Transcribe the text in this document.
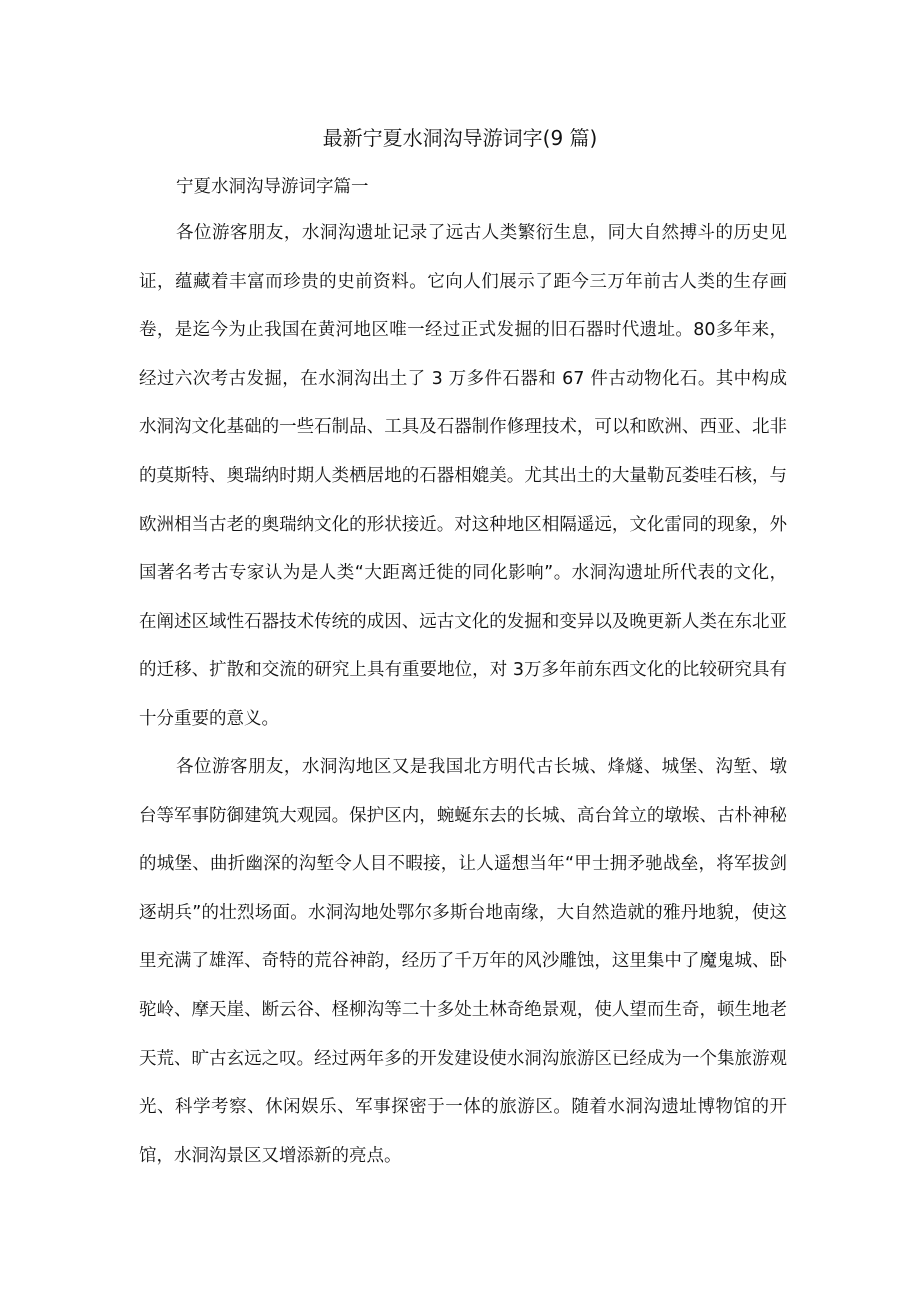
最新宁夏水洞沟导游词字(9 篇)
宁夏水洞沟导游词字篇一

各位游客朋友，水洞沟遗址记录了远古人类繁衍生息，同大自然搏斗的历史见证，蕴藏着丰富而珍贵的史前资料。它向人们展示了距今三万年前古人类的生存画卷，是迄今为止我国在黄河地区唯一经过正式发掘的旧石器时代遗址。80多年来，经过六次考古发掘，在水洞沟出土了 3 万多件石器和 67 件古动物化石。其中构成水洞沟文化基础的一些石制品、工具及石器制作修理技术，可以和欧洲、西亚、北非的莫斯特、奥瑞纳时期人类栖居地的石器相媲美。尤其出土的大量勒瓦娄哇石核，与欧洲相当古老的奥瑞纳文化的形状接近。对这种地区相隔遥远，文化雷同的现象，外国著名考古专家认为是人类“大距离迁徙的同化影响”。水洞沟遗址所代表的文化，在阐述区域性石器技术传统的成因、远古文化的发掘和变异以及晚更新人类在东北亚的迁移、扩散和交流的研究上具有重要地位，对 3万多年前东西文化的比较研究具有十分重要的意义。

各位游客朋友，水洞沟地区又是我国北方明代古长城、烽燧、城堡、沟堑、墩台等军事防御建筑大观园。保护区内，蜿蜒东去的长城、高台耸立的墩堠、古朴神秘的城堡、曲折幽深的沟堑令人目不暇接，让人遥想当年“甲士拥矛驰战垒，将军拔剑逐胡兵”的壮烈场面。水洞沟地处鄂尔多斯台地南缘，大自然造就的雅丹地貌，使这里充满了雄浑、奇特的荒谷神韵，经历了千万年的风沙雕蚀，这里集中了魔鬼城、卧驼岭、摩天崖、断云谷、柽柳沟等二十多处土林奇绝景观，使人望而生奇，顿生地老天荒、旷古玄远之叹。经过两年多的开发建设使水洞沟旅游区已经成为一个集旅游观光、科学考察、休闲娱乐、军事探密于一体的旅游区。随着水洞沟遗址博物馆的开馆，水洞沟景区又增添新的亮点。
